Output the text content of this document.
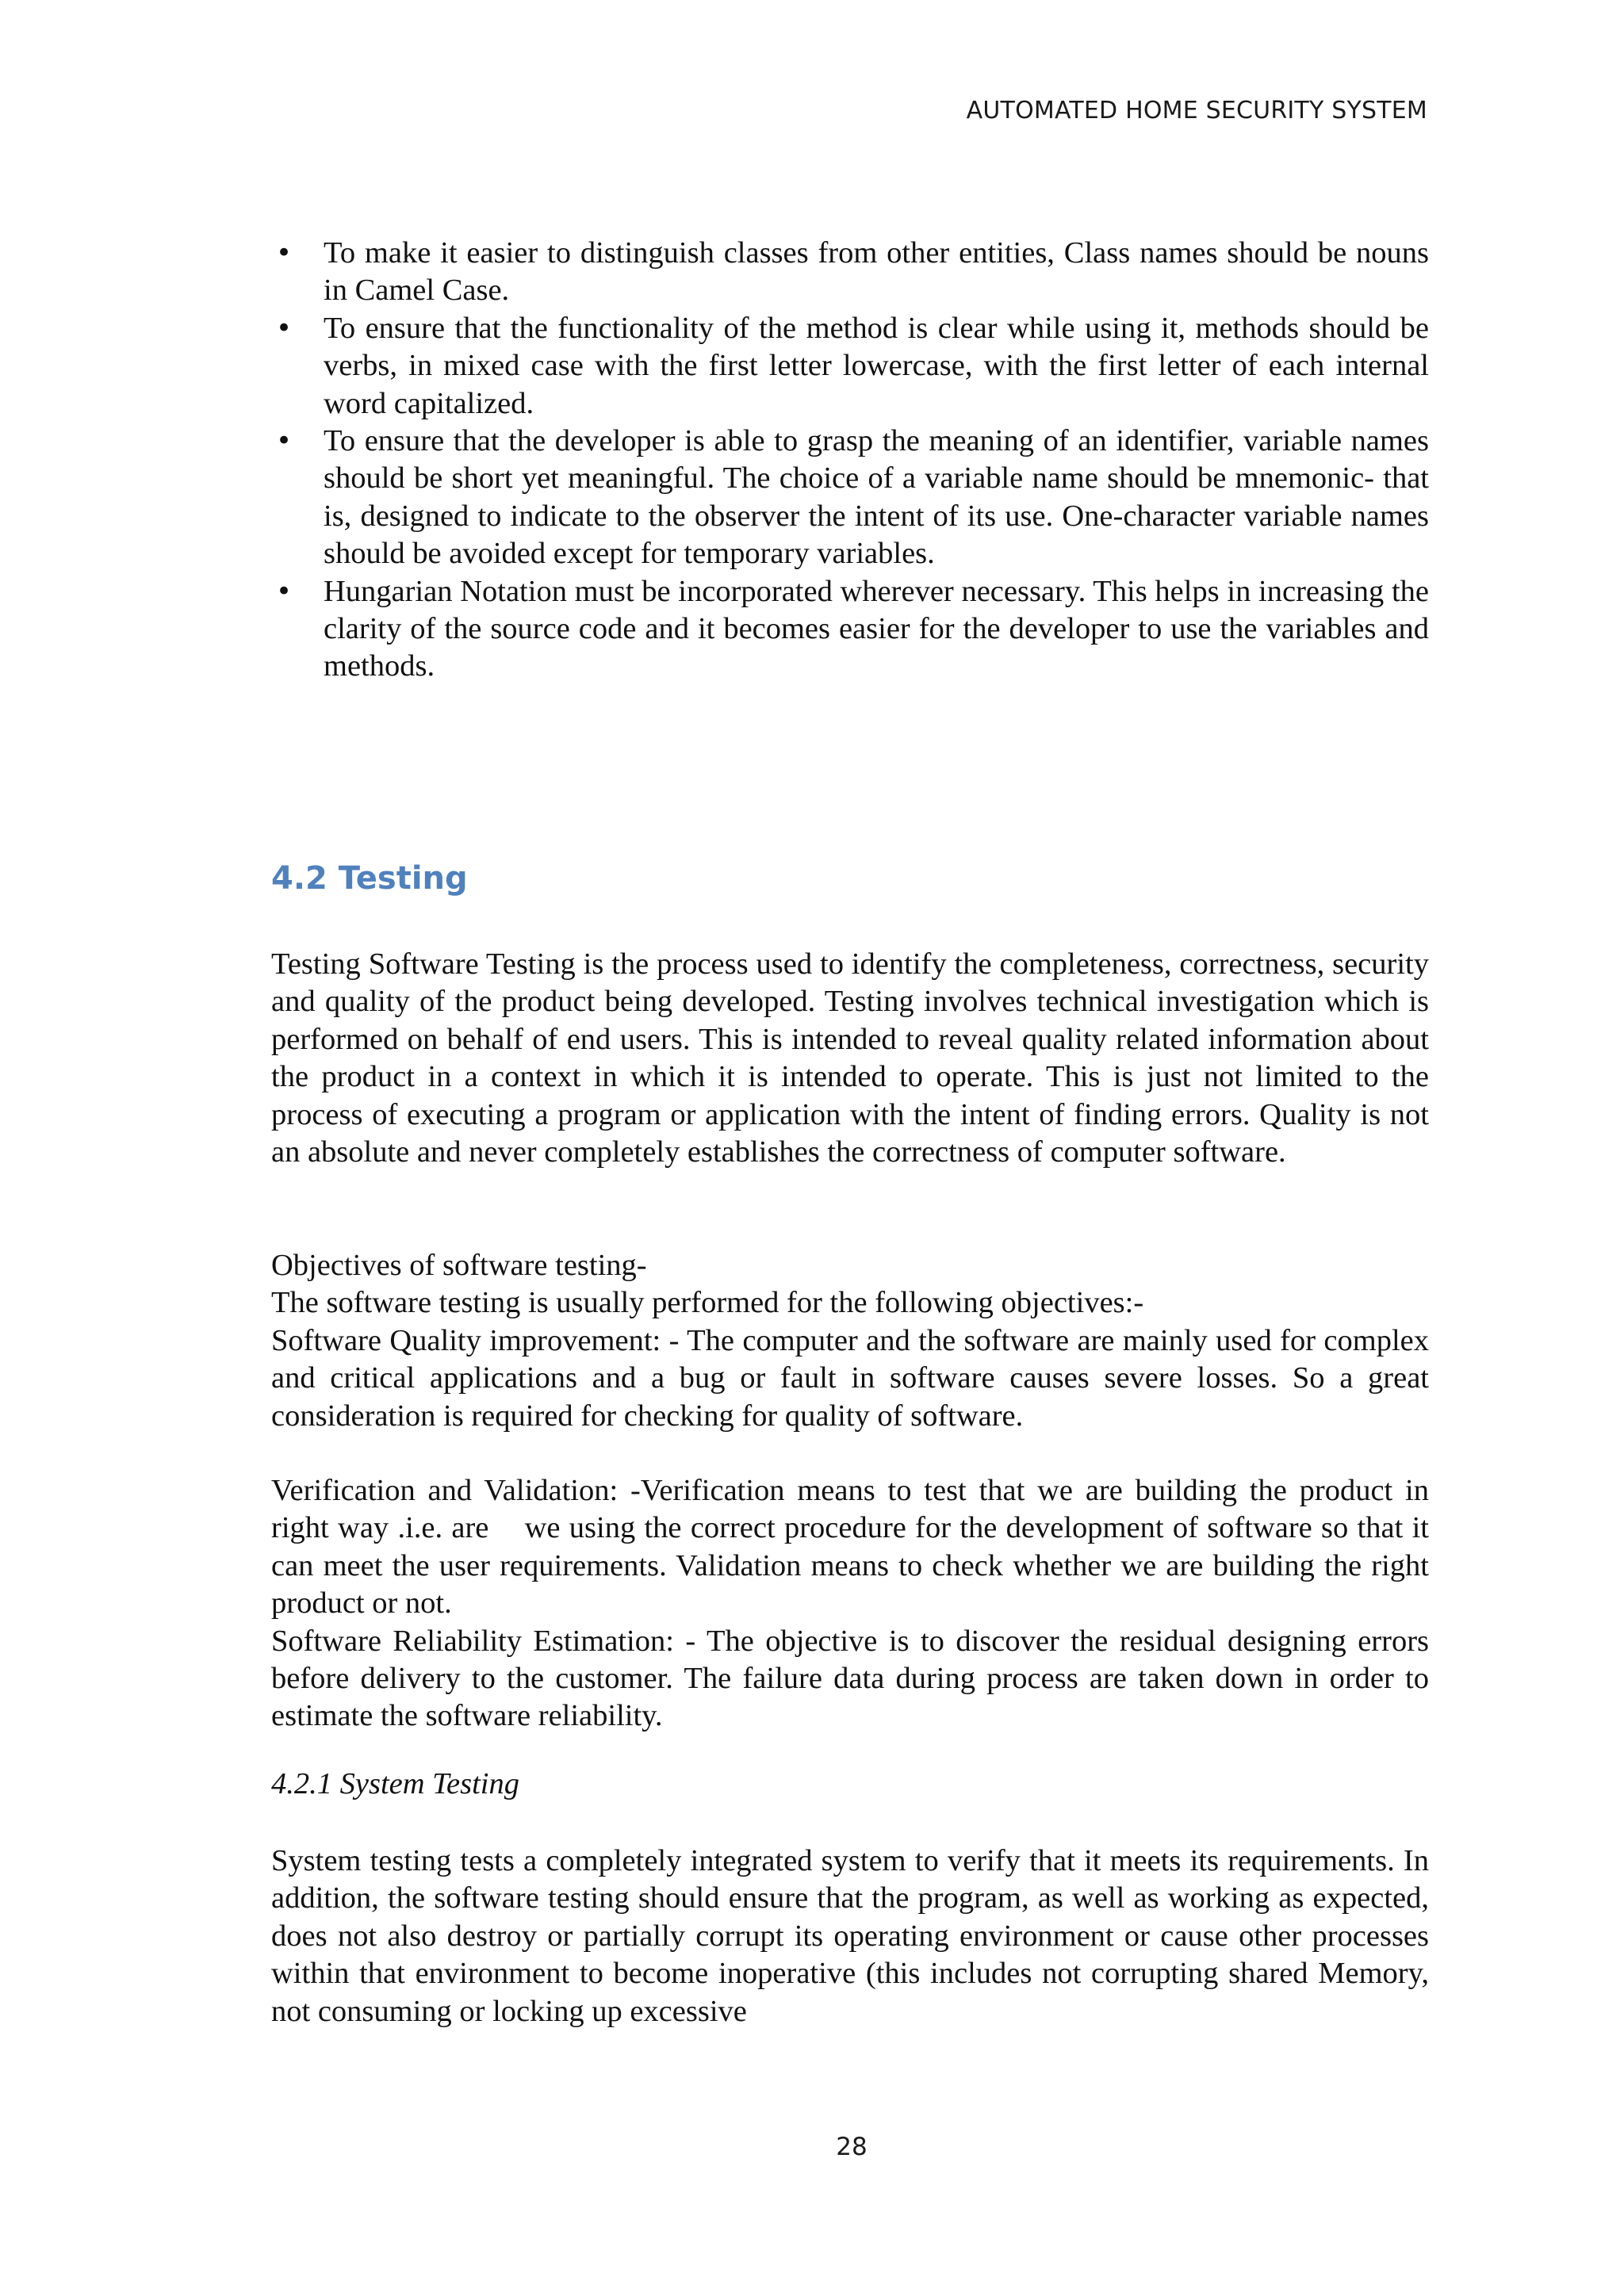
AUTOMATED HOME SECURITY SYSTEM
• To make it easier to distinguish classes from other entities, Class names should be nouns in Camel Case.
• To ensure that the functionality of the method is clear while using it, methods should be verbs, in mixed case with the first letter lowercase, with the first letter of each internal word capitalized.
• To ensure that the developer is able to grasp the meaning of an identifier, variable names should be short yet meaningful. The choice of a variable name should be mnemonic- that is, designed to indicate to the observer the intent of its use. One-character variable names should be avoided except for temporary variables.
• Hungarian Notation must be incorporated wherever necessary. This helps in increasing the clarity of the source code and it becomes easier for the developer to use the variables and methods.
4.2 Testing

Testing Software Testing is the process used to identify the completeness, correctness, security and quality of the product being developed. Testing involves technical investigation which is performed on behalf of end users. This is intended to reveal quality related information about the product in a context in which it is intended to operate. This is just not limited to the process of executing a program or application with the intent of finding errors. Quality is not an absolute and never completely establishes the correctness of computer software.

Objectives of software testing-

The software testing is usually performed for the following objectives:-

Software Quality improvement: - The computer and the software are mainly used for complex and critical applications and a bug or fault in software causes severe losses. So a great consideration is required for checking for quality of software.

Verification and Validation: -Verification means to test that we are building the product in right way .i.e. are    we using the correct procedure for the development of software so that it can meet the user requirements. Validation means to check whether we are building the right product or not.

Software Reliability Estimation: - The objective is to discover the residual designing errors before delivery to the customer. The failure data during process are taken down in order to estimate the software reliability.

4.2.1 System Testing

System testing tests a completely integrated system to verify that it meets its requirements. In addition, the software testing should ensure that the program, as well as working as expected, does not also destroy or partially corrupt its operating environment or cause other processes within that environment to become inoperative (this includes not corrupting shared Memory, not consuming or locking up excessive

28
